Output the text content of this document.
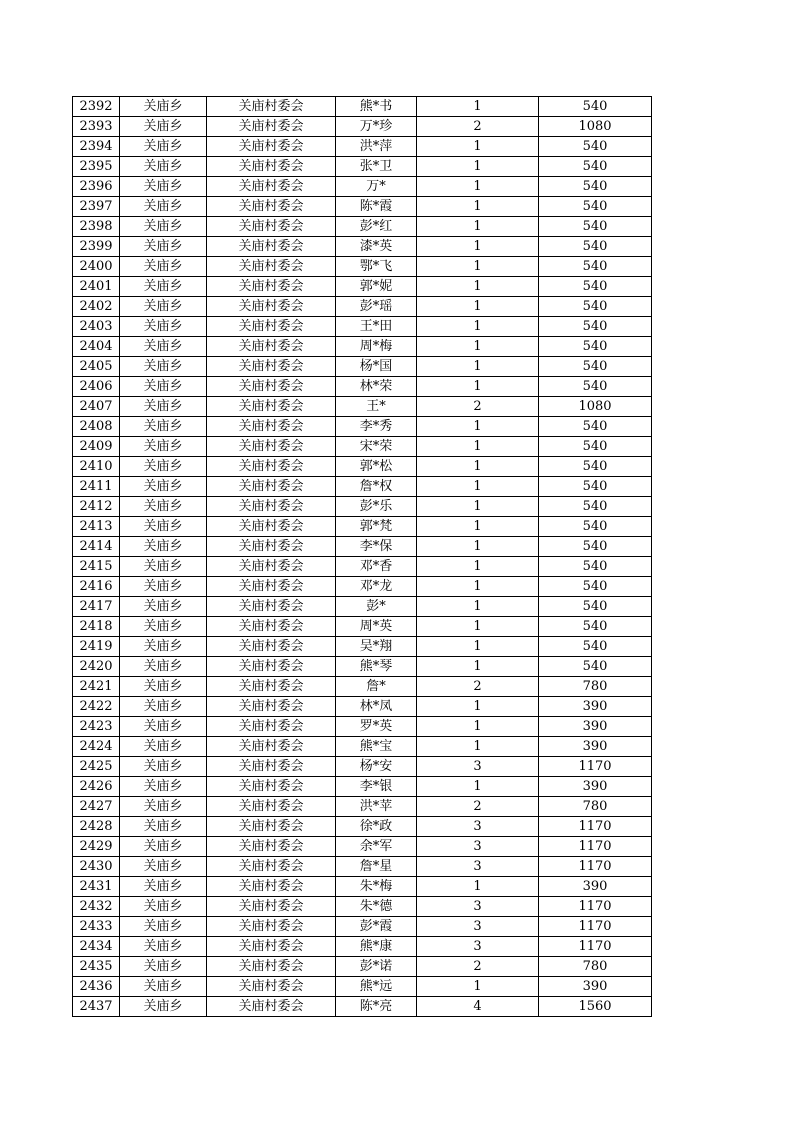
2392	关庙乡	关庙村委会	熊*书	1	540
2393	关庙乡	关庙村委会	万*珍	2	1080
2394	关庙乡	关庙村委会	洪*萍	1	540
2395	关庙乡	关庙村委会	张*卫	1	540
2396	关庙乡	关庙村委会	万*	1	540
2397	关庙乡	关庙村委会	陈*霞	1	540
2398	关庙乡	关庙村委会	彭*红	1	540
2399	关庙乡	关庙村委会	漆*英	1	540
2400	关庙乡	关庙村委会	鄂*飞	1	540
2401	关庙乡	关庙村委会	郭*妮	1	540
2402	关庙乡	关庙村委会	彭*瑶	1	540
2403	关庙乡	关庙村委会	王*田	1	540
2404	关庙乡	关庙村委会	周*梅	1	540
2405	关庙乡	关庙村委会	杨*国	1	540
2406	关庙乡	关庙村委会	林*荣	1	540
2407	关庙乡	关庙村委会	王*	2	1080
2408	关庙乡	关庙村委会	李*秀	1	540
2409	关庙乡	关庙村委会	宋*荣	1	540
2410	关庙乡	关庙村委会	郭*松	1	540
2411	关庙乡	关庙村委会	詹*权	1	540
2412	关庙乡	关庙村委会	彭*乐	1	540
2413	关庙乡	关庙村委会	郭*梵	1	540
2414	关庙乡	关庙村委会	李*保	1	540
2415	关庙乡	关庙村委会	邓*香	1	540
2416	关庙乡	关庙村委会	邓*龙	1	540
2417	关庙乡	关庙村委会	彭*	1	540
2418	关庙乡	关庙村委会	周*英	1	540
2419	关庙乡	关庙村委会	吴*翔	1	540
2420	关庙乡	关庙村委会	熊*琴	1	540
2421	关庙乡	关庙村委会	詹*	2	780
2422	关庙乡	关庙村委会	林*凤	1	390
2423	关庙乡	关庙村委会	罗*英	1	390
2424	关庙乡	关庙村委会	熊*宝	1	390
2425	关庙乡	关庙村委会	杨*安	3	1170
2426	关庙乡	关庙村委会	李*银	1	390
2427	关庙乡	关庙村委会	洪*苹	2	780
2428	关庙乡	关庙村委会	徐*政	3	1170
2429	关庙乡	关庙村委会	余*军	3	1170
2430	关庙乡	关庙村委会	詹*星	3	1170
2431	关庙乡	关庙村委会	朱*梅	1	390
2432	关庙乡	关庙村委会	朱*德	3	1170
2433	关庙乡	关庙村委会	彭*霞	3	1170
2434	关庙乡	关庙村委会	熊*康	3	1170
2435	关庙乡	关庙村委会	彭*诺	2	780
2436	关庙乡	关庙村委会	熊*远	1	390
2437	关庙乡	关庙村委会	陈*亮	4	1560
